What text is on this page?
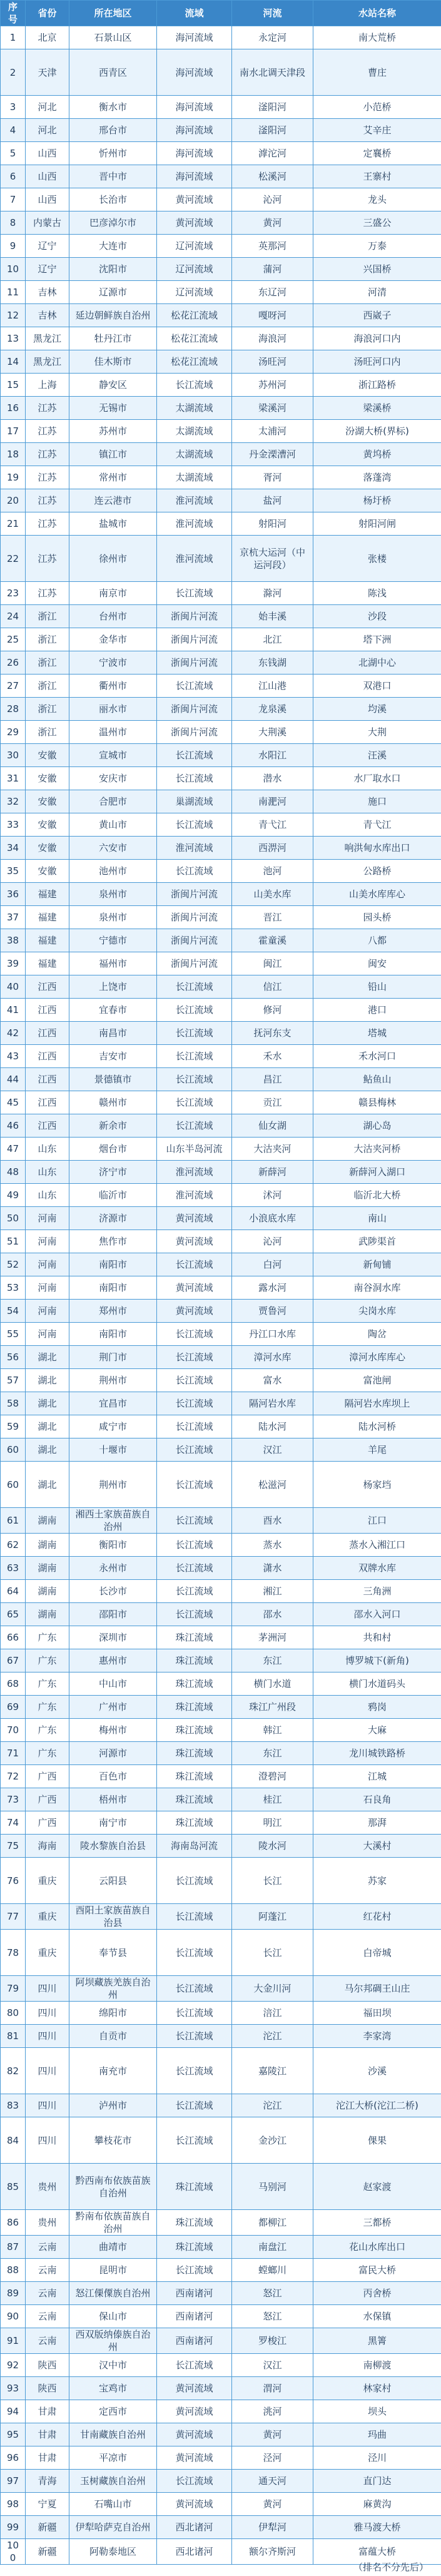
序号	省份	所在地区	流域	河流	水站名称
1	北京	石景山区	海河流域	永定河	南大荒桥
2	天津	西青区	海河流域	南水北调天津段	曹庄
3	河北	衡水市	海河流域	滏阳河	小范桥
4	河北	邢台市	海河流域	滏阳河	艾辛庄
5	山西	忻州市	海河流域	滹沱河	定襄桥
6	山西	晋中市	海河流域	松溪河	王寨村
7	山西	长治市	黄河流域	沁河	龙头
8	内蒙古	巴彦淖尔市	黄河流域	黄河	三盛公
9	辽宁	大连市	辽河流域	英那河	万泰
10	辽宁	沈阳市	辽河流域	蒲河	兴国桥
11	吉林	辽源市	辽河流域	东辽河	河清
12	吉林	延边朝鲜族自治州	松花江流域	嘎呀河	西崴子
13	黑龙江	牡丹江市	松花江流域	海浪河	海浪河口内
14	黑龙江	佳木斯市	松花江流域	汤旺河	汤旺河口内
15	上海	静安区	长江流域	苏州河	浙江路桥
16	江苏	无锡市	太湖流域	梁溪河	梁溪桥
17	江苏	苏州市	太湖流域	太浦河	汾湖大桥(界标)
18	江苏	镇江市	太湖流域	丹金溧漕河	黄坞桥
19	江苏	常州市	太湖流域	胥河	落蓬湾
20	江苏	连云港市	淮河流域	盐河	杨圩桥
21	江苏	盐城市	淮河流域	射阳河	射阳河闸
22	江苏	徐州市	淮河流域	京杭大运河（中运河段）	张楼
23	江苏	南京市	长江流域	滁河	陈浅
24	浙江	台州市	浙闽片河流	始丰溪	沙段
25	浙江	金华市	浙闽片河流	北江	塔下洲
26	浙江	宁波市	浙闽片河流	东钱湖	北湖中心
27	浙江	衢州市	长江流域	江山港	双港口
28	浙江	丽水市	浙闽片河流	龙泉溪	均溪
29	浙江	温州市	浙闽片河流	大荆溪	大荆
30	安徽	宣城市	长江流域	水阳江	汪溪
31	安徽	安庆市	长江流域	潜水	水厂取水口
32	安徽	合肥市	巢湖流域	南淝河	施口
33	安徽	黄山市	长江流域	青弋江	青弋江
34	安徽	六安市	淮河流域	西淠河	响洪甸水库出口
35	安徽	池州市	长江流域	池河	公路桥
36	福建	泉州市	浙闽片河流	山美水库	山美水库库心
37	福建	泉州市	浙闽片河流	晋江	园头桥
38	福建	宁德市	浙闽片河流	霍童溪	八都
39	福建	福州市	浙闽片河流	闽江	闽安
40	江西	上饶市	长江流域	信江	铅山
41	江西	宜春市	长江流域	修河	港口
42	江西	南昌市	长江流域	抚河东支	塔城
43	江西	吉安市	长江流域	禾水	禾水河口
44	江西	景德镇市	长江流域	昌江	鲇鱼山
45	江西	赣州市	长江流域	贡江	赣县梅林
46	江西	新余市	长江流域	仙女湖	湖心岛
47	山东	烟台市	山东半岛河流	大沽夹河	大沽夹河桥
48	山东	济宁市	淮河流域	新薛河	新薛河入湖口
49	山东	临沂市	淮河流域	沭河	临沂北大桥
50	河南	济源市	黄河流域	小浪底水库	南山
51	河南	焦作市	黄河流域	沁河	武陟渠首
52	河南	南阳市	长江流域	白河	新甸铺
53	河南	南阳市	黄河流域	露水河	南谷洞水库
54	河南	郑州市	黄河流域	贾鲁河	尖岗水库
55	河南	南阳市	长江流域	丹江口水库	陶岔
56	湖北	荆门市	长江流域	漳河水库	漳河水库库心
57	湖北	荆州市	长江流域	富水	富池闸
58	湖北	宜昌市	长江流域	隔河岩水库	隔河岩水库坝上
59	湖北	咸宁市	长江流域	陆水河	陆水河桥
60	湖北	十堰市	长江流域	汉江	羊尾
60	湖北	荆州市	长江流域	松滋河	杨家垱
61	湖南	湘西土家族苗族自治州	长江流域	酉水	江口
62	湖南	衡阳市	长江流域	蒸水	蒸水入湘江口
63	湖南	永州市	长江流域	潇水	双牌水库
64	湖南	长沙市	长江流域	湘江	三角洲
65	湖南	邵阳市	长江流域	邵水	邵水入河口
66	广东	深圳市	珠江流域	茅洲河	共和村
67	广东	惠州市	珠江流域	东江	博罗城下(新角)
68	广东	中山市	珠江流域	横门水道	横门水道码头
69	广东	广州市	珠江流域	珠江广州段	鸦岗
70	广东	梅州市	珠江流域	韩江	大麻
71	广东	河源市	珠江流域	东江	龙川城铁路桥
72	广西	百色市	珠江流域	澄碧河	江城
73	广西	梧州市	珠江流域	桂江	石良角
74	广西	南宁市	珠江流域	明江	那湃
75	海南	陵水黎族自治县	海南岛河流	陵水河	大溪村
76	重庆	云阳县	长江流域	长江	苏家
77	重庆	酉阳土家族苗族自治县	长江流域	阿蓬江	红花村
78	重庆	奉节县	长江流域	长江	白帝城
79	四川	阿坝藏族羌族自治州	长江流域	大金川河	马尔邦碉王山庄
80	四川	绵阳市	长江流域	涪江	福田坝
81	四川	自贡市	长江流域	沱江	李家湾
82	四川	南充市	长江流域	嘉陵江	沙溪
83	四川	泸州市	长江流域	沱江	沱江大桥(沱江二桥)
84	四川	攀枝花市	长江流域	金沙江	倮果
85	贵州	黔西南布依族苗族自治州	珠江流域	马别河	赵家渡
86	贵州	黔南布依族苗族自治州	珠江流域	都柳江	三都桥
87	云南	曲靖市	珠江流域	南盘江	花山水库出口
88	云南	昆明市	长江流域	螳螂川	富民大桥
89	云南	怒江傈僳族自治州	西南诸河	怒江	丙舍桥
90	云南	保山市	西南诸河	怒江	水保镇
91	云南	西双版纳傣族自治州	西南诸河	罗梭江	黑箐
92	陕西	汉中市	长江流域	汉江	南柳渡
93	陕西	宝鸡市	黄河流域	渭河	林家村
94	甘肃	定西市	黄河流域	洮河	坝头
95	甘肃	甘南藏族自治州	黄河流域	黄河	玛曲
96	甘肃	平凉市	黄河流域	泾河	泾川
97	青海	玉树藏族自治州	长江流域	通天河	直门达
98	宁夏	石嘴山市	黄河流域	黄河	麻黄沟
99	新疆	伊犁哈萨克自治州	西北诸河	伊犁河	雅马渡大桥
100	新疆	阿勒泰地区	西北诸河	额尔齐斯河	富蕴大桥
（排名不分先后）
